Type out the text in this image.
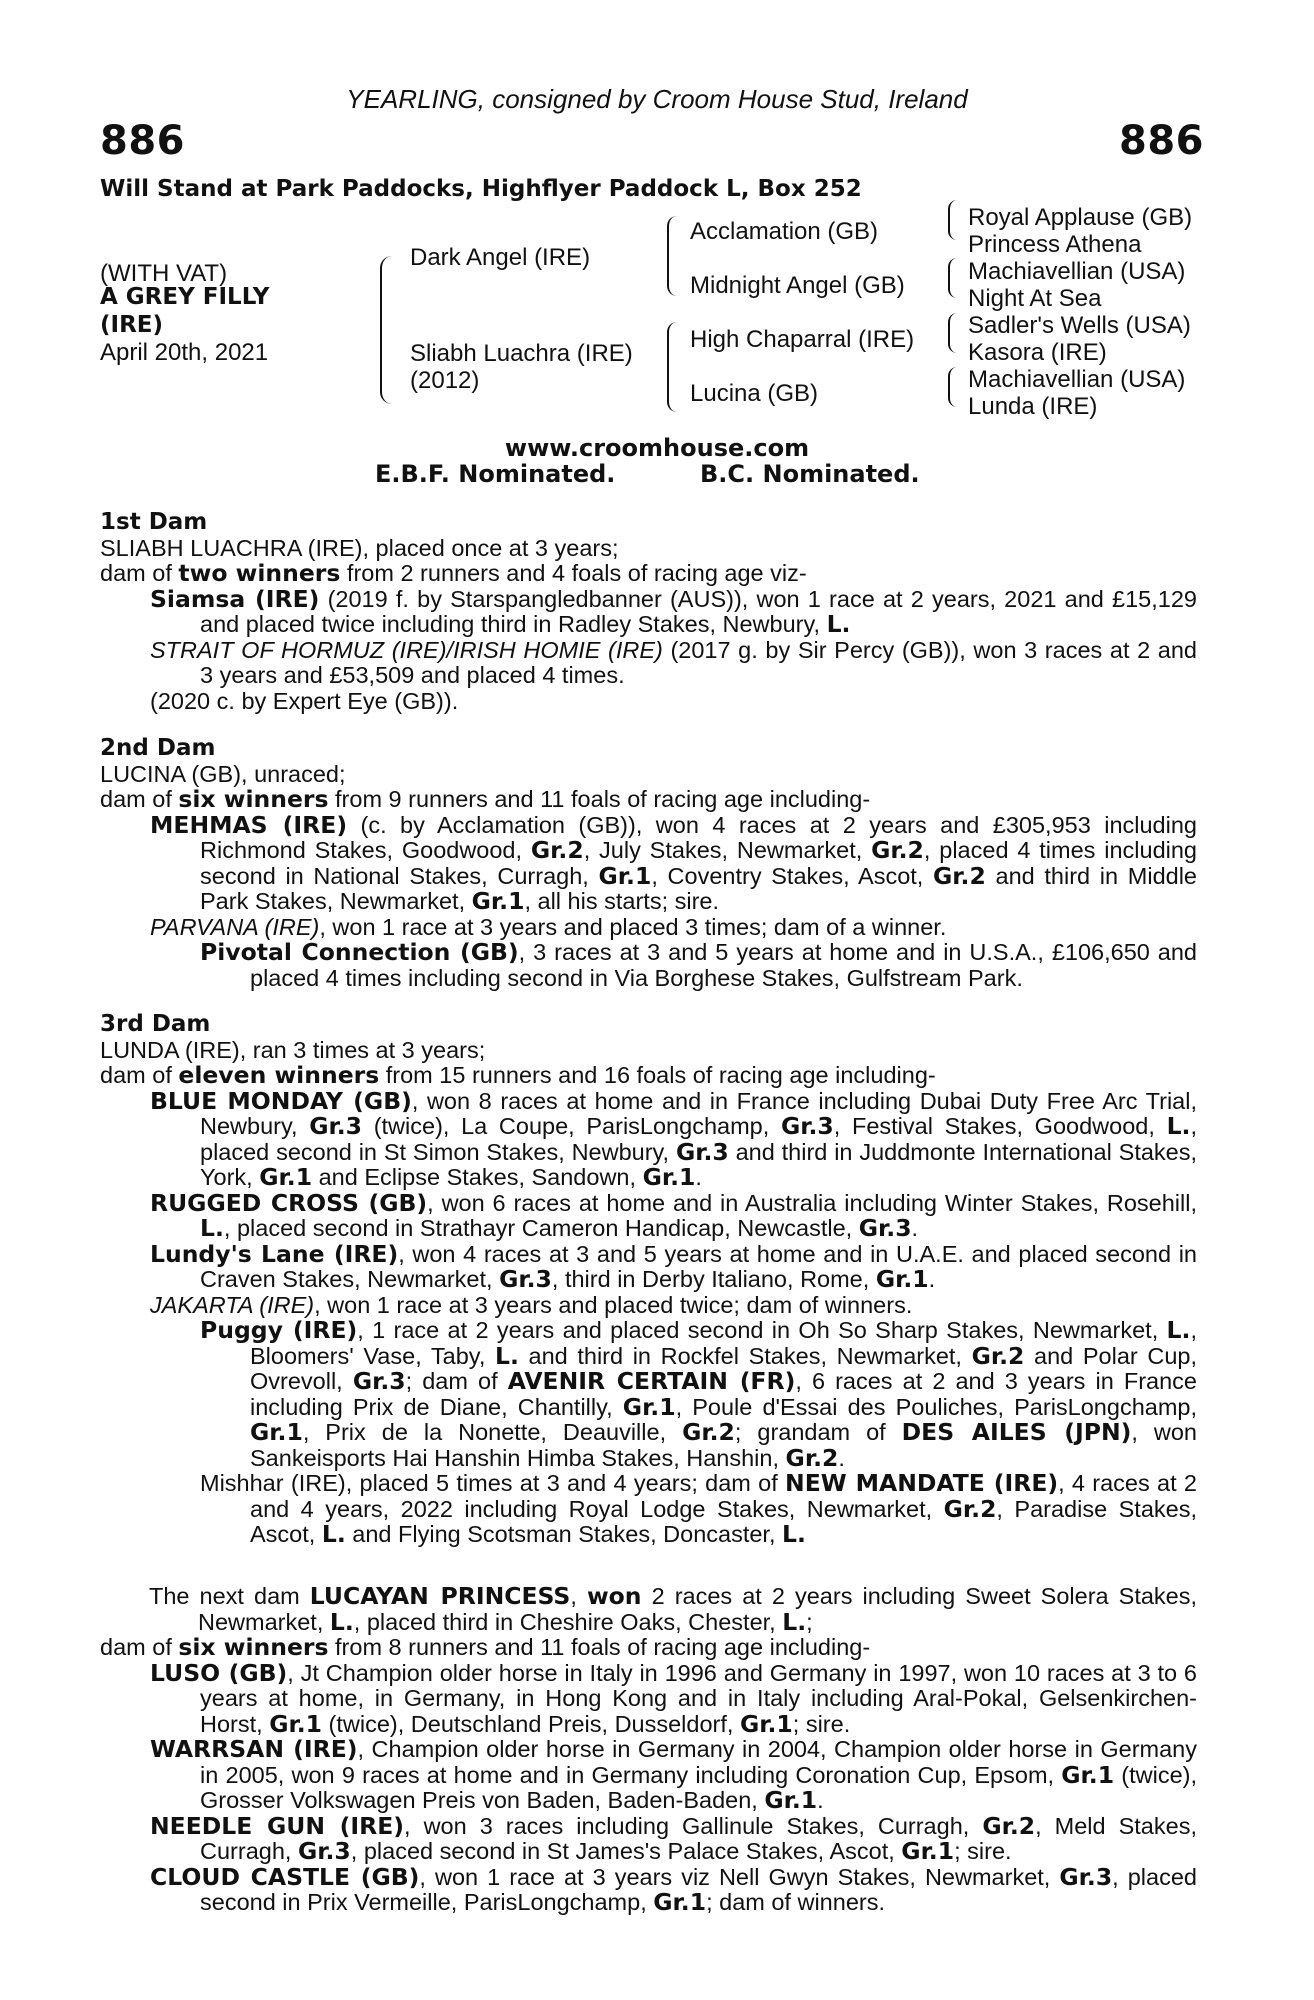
886	886
YEARLING, consigned by Croom House Stud, Ireland
Will Stand at Park Paddocks, Highflyer Paddock L, Box 252
(WITH VAT)
A GREY FILLY
(IRE)
April 20th, 2021
Dark Angel (IRE)
Sliabh Luachra (IRE)
(2012)
Acclamation (GB)
Midnight Angel (GB)
High Chaparral (IRE)
Lucina (GB)
Royal Applause (GB)
Princess Athena
Machiavellian (USA)
Night At Sea
Sadler's Wells (USA)
Kasora (IRE)
Machiavellian (USA)
Lunda (IRE)
www.croomhouse.com
E.B.F. Nominated.	B.C. Nominated.
1st Dam
SLIABH LUACHRA (IRE), placed once at 3 years;
dam of two winners from 2 runners and 4 foals of racing age viz-
Siamsa (IRE) (2019 f. by Starspangledbanner (AUS)), won 1 race at 2 years, 2021 and £15,129 and placed twice including third in Radley Stakes, Newbury, L.
STRAIT OF HORMUZ (IRE)/IRISH HOMIE (IRE) (2017 g. by Sir Percy (GB)), won 3 races at 2 and 3 years and £53,509 and placed 4 times.
(2020 c. by Expert Eye (GB)).
2nd Dam
LUCINA (GB), unraced;
dam of six winners from 9 runners and 11 foals of racing age including-
MEHMAS (IRE) (c. by Acclamation (GB)), won 4 races at 2 years and £305,953 including Richmond Stakes, Goodwood, Gr.2, July Stakes, Newmarket, Gr.2, placed 4 times including second in National Stakes, Curragh, Gr.1, Coventry Stakes, Ascot, Gr.2 and third in Middle Park Stakes, Newmarket, Gr.1, all his starts; sire.
PARVANA (IRE), won 1 race at 3 years and placed 3 times; dam of a winner.
Pivotal Connection (GB), 3 races at 3 and 5 years at home and in U.S.A., £106,650 and placed 4 times including second in Via Borghese Stakes, Gulfstream Park.
3rd Dam
LUNDA (IRE), ran 3 times at 3 years;
dam of eleven winners from 15 runners and 16 foals of racing age including-
BLUE MONDAY (GB), won 8 races at home and in France including Dubai Duty Free Arc Trial, Newbury, Gr.3 (twice), La Coupe, ParisLongchamp, Gr.3, Festival Stakes, Goodwood, L., placed second in St Simon Stakes, Newbury, Gr.3 and third in Juddmonte International Stakes, York, Gr.1 and Eclipse Stakes, Sandown, Gr.1.
RUGGED CROSS (GB), won 6 races at home and in Australia including Winter Stakes, Rosehill, L., placed second in Strathayr Cameron Handicap, Newcastle, Gr.3.
Lundy's Lane (IRE), won 4 races at 3 and 5 years at home and in U.A.E. and placed second in Craven Stakes, Newmarket, Gr.3, third in Derby Italiano, Rome, Gr.1.
JAKARTA (IRE), won 1 race at 3 years and placed twice; dam of winners.
Puggy (IRE), 1 race at 2 years and placed second in Oh So Sharp Stakes, Newmarket, L., Bloomers' Vase, Taby, L. and third in Rockfel Stakes, Newmarket, Gr.2 and Polar Cup, Ovrevoll, Gr.3; dam of AVENIR CERTAIN (FR), 6 races at 2 and 3 years in France including Prix de Diane, Chantilly, Gr.1, Poule d'Essai des Pouliches, ParisLongchamp, Gr.1, Prix de la Nonette, Deauville, Gr.2; grandam of DES AILES (JPN), won Sankeisports Hai Hanshin Himba Stakes, Hanshin, Gr.2.
Mishhar (IRE), placed 5 times at 3 and 4 years; dam of NEW MANDATE (IRE), 4 races at 2 and 4 years, 2022 including Royal Lodge Stakes, Newmarket, Gr.2, Paradise Stakes, Ascot, L. and Flying Scotsman Stakes, Doncaster, L.
The next dam LUCAYAN PRINCESS, won 2 races at 2 years including Sweet Solera Stakes, Newmarket, L., placed third in Cheshire Oaks, Chester, L.;
dam of six winners from 8 runners and 11 foals of racing age including-
LUSO (GB), Jt Champion older horse in Italy in 1996 and Germany in 1997, won 10 races at 3 to 6 years at home, in Germany, in Hong Kong and in Italy including Aral-Pokal, Gelsenkirchen-Horst, Gr.1 (twice), Deutschland Preis, Dusseldorf, Gr.1; sire.
WARRSAN (IRE), Champion older horse in Germany in 2004, Champion older horse in Germany in 2005, won 9 races at home and in Germany including Coronation Cup, Epsom, Gr.1 (twice), Grosser Volkswagen Preis von Baden, Baden-Baden, Gr.1.
NEEDLE GUN (IRE), won 3 races including Gallinule Stakes, Curragh, Gr.2, Meld Stakes, Curragh, Gr.3, placed second in St James's Palace Stakes, Ascot, Gr.1; sire.
CLOUD CASTLE (GB), won 1 race at 3 years viz Nell Gwyn Stakes, Newmarket, Gr.3, placed second in Prix Vermeille, ParisLongchamp, Gr.1; dam of winners.
